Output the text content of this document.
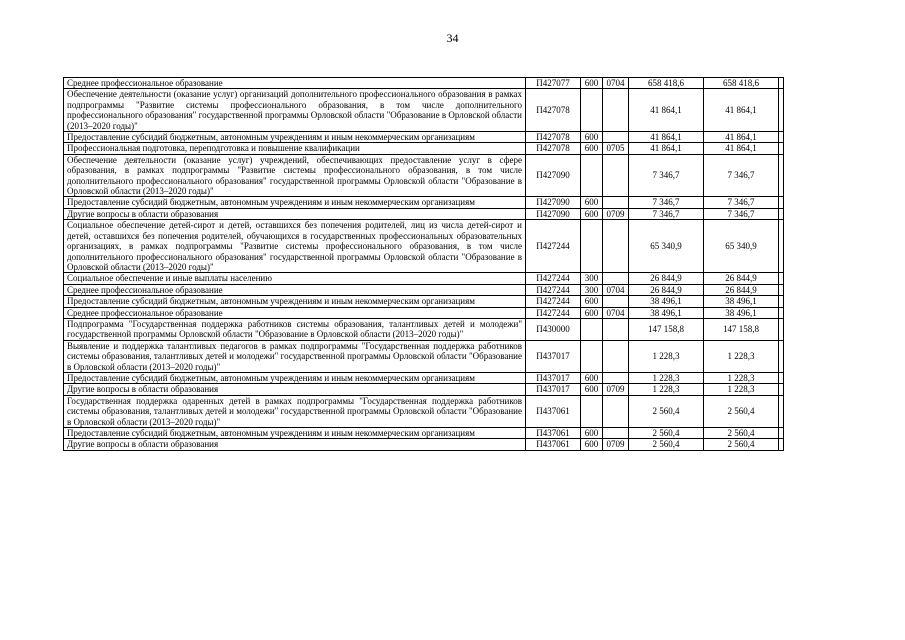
34
Среднее профессиональное образование	П427077	600	0704	658 418,6	658 418,6	
Обеспечение деятельности (оказание услуг) организаций дополнительного профессионального образования в рамках подпрограммы "Развитие системы профессионального образования, в том числе дополнительного профессионального образования" государственной программы Орловской области "Образование в Орловской области (2013–2020 годы)"	П427078			41 864,1	41 864,1	
Предоставление субсидий бюджетным, автономным учреждениям и иным некоммерческим организациям	П427078	600		41 864,1	41 864,1	
Профессиональная подготовка, переподготовка и повышение квалификации	П427078	600	0705	41 864,1	41 864,1	
Обеспечение деятельности (оказание услуг) учреждений, обеспечивающих предоставление услуг в сфере образования, в рамках подпрограммы "Развитие системы профессионального образования, в том числе дополнительного профессионального образования" государственной программы Орловской области "Образование в Орловской области (2013–2020 годы)"	П427090			7 346,7	7 346,7	
Предоставление субсидий бюджетным, автономным учреждениям и иным некоммерческим организациям	П427090	600		7 346,7	7 346,7	
Другие вопросы в области образования	П427090	600	0709	7 346,7	7 346,7	
Социальное обеспечение детей-сирот и детей, оставшихся без попечения родителей, лиц из числа детей-сирот и детей, оставшихся без попечения родителей, обучающихся в государственных профессиональных образовательных организациях, в рамках подпрограммы "Развитие системы профессионального образования, в том числе дополнительного профессионального образования" государственной программы Орловской области "Образование в Орловской области (2013–2020 годы)"	П427244			65 340,9	65 340,9	
Социальное обеспечение и иные выплаты населению	П427244	300		26 844,9	26 844,9	
Среднее профессиональное образование	П427244	300	0704	26 844,9	26 844,9	
Предоставление субсидий бюджетным, автономным учреждениям и иным некоммерческим организациям	П427244	600		38 496,1	38 496,1	
Среднее профессиональное образование	П427244	600	0704	38 496,1	38 496,1	
Подпрограмма "Государственная поддержка работников системы образования, талантливых детей и молодежи" государственной программы Орловской области "Образование в Орловской области (2013–2020 годы)"	П430000			147 158,8	147 158,8	
Выявление и поддержка талантливых педагогов в рамках подпрограммы "Государственная поддержка работников системы образования, талантливых детей и молодежи" государственной программы Орловской области "Образование в Орловской области (2013–2020 годы)"	П437017			1 228,3	1 228,3	
Предоставление субсидий бюджетным, автономным учреждениям и иным некоммерческим организациям	П437017	600		1 228,3	1 228,3	
Другие вопросы в области образования	П437017	600	0709	1 228,3	1 228,3	
Государственная поддержка одаренных детей в рамках подпрограммы "Государственная поддержка работников системы образования, талантливых детей и молодежи" государственной программы Орловской области "Образование в Орловской области (2013–2020 годы)"	П437061			2 560,4	2 560,4	
Предоставление субсидий бюджетным, автономным учреждениям и иным некоммерческим организациям	П437061	600		2 560,4	2 560,4	
Другие вопросы в области образования	П437061	600	0709	2 560,4	2 560,4	
